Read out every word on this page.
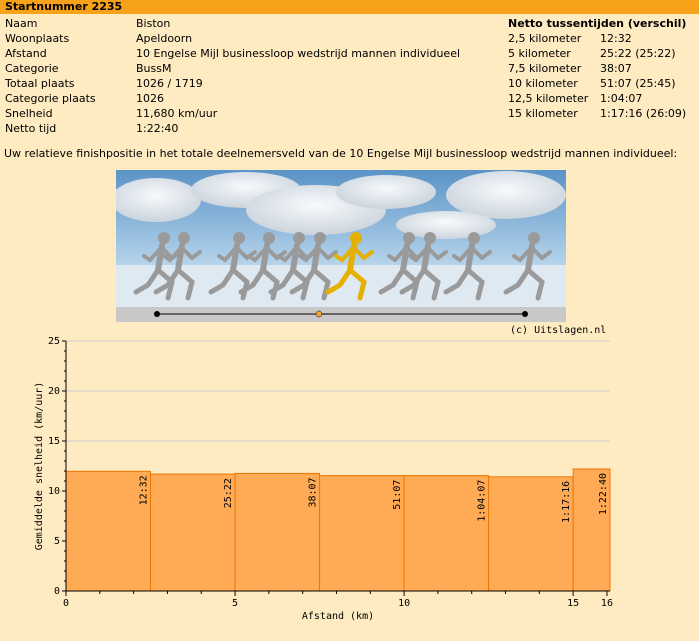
Startnummer 2235
Naam	Biston
Woonplaats	Apeldoorn
Afstand	10 Engelse Mijl businessloop wedstrijd mannen individueel
Categorie	BussM
Totaal plaats	1026 / 1719
Categorie plaats	1026
Snelheid	11,680 km/uur
Netto tijd	1:22:40
Netto tussentijden (verschil)
2,5 kilometer 12:32
5 kilometer	25:22 (25:22)
7,5 kilometer 38:07
10 kilometer 51:07 (25:45)
12,5 kilometer 1:04:07
15 kilometer 1:17:16 (26:09)
Uw relatieve finishpositie in het totale deelnemersveld van de 10 Engelse Mijl businessloop wedstrijd mannen individueel:
(c) Uitslagen.nl
12:32	25:22	38:07	51:07	1:04:07	1:17:16	1:22:40
0
5
10
15
20
25
0	5	10	15 16
Afstand (km)
Gemiddelde snelheid (km/uur)
